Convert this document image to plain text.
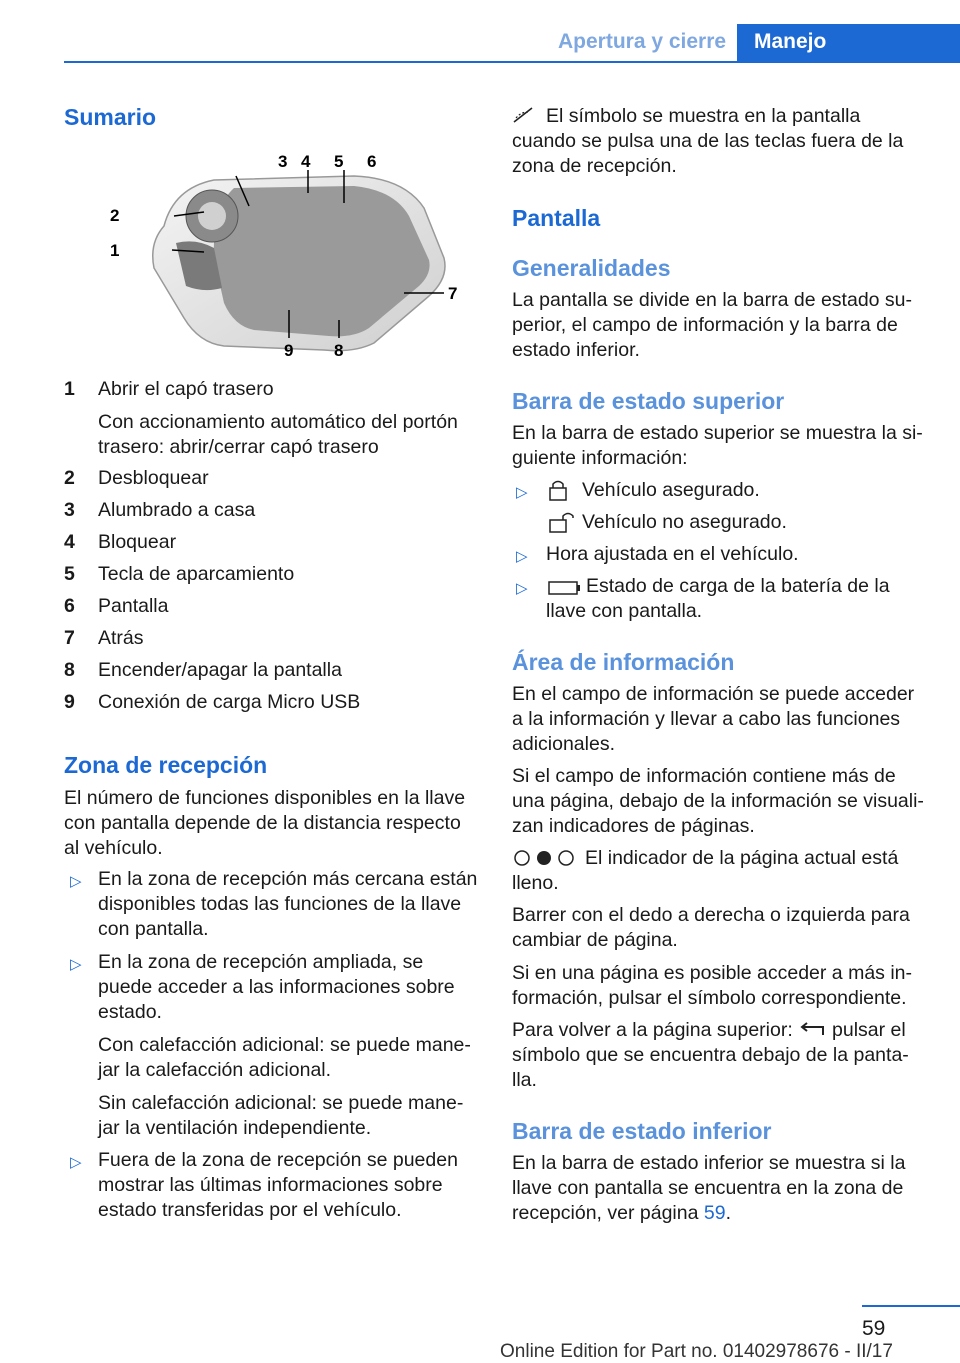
Apertura y cierre	Manejo
Sumario
3 4 5 6
2
1
7
9 8
1 Abrir el capó trasero
Con accionamiento automático del portón
trasero: abrir/cerrar capó trasero
2 Desbloquear
3 Alumbrado a casa
4 Bloquear
5 Tecla de aparcamiento
6 Pantalla
7 Atrás
8 Encender/apagar la pantalla
9 Conexión de carga Micro USB
Zona de recepción
El número de funciones disponibles en la llave
con pantalla depende de la distancia respecto
al vehículo.
▷ En la zona de recepción más cercana están
disponibles todas las funciones de la llave
con pantalla.
▷ En la zona de recepción ampliada, se
puede acceder a las informaciones sobre
estado.
Con calefacción adicional: se puede mane‐
jar la calefacción adicional.
Sin calefacción adicional: se puede mane‐
jar la ventilación independiente.
▷ Fuera de la zona de recepción se pueden
mostrar las últimas informaciones sobre
estado transferidas por el vehículo.
El símbolo se muestra en la pantalla
cuando se pulsa una de las teclas fuera de la
zona de recepción.
Pantalla
Generalidades
La pantalla se divide en la barra de estado su‐
perior, el campo de información y la barra de
estado inferior.
Barra de estado superior
En la barra de estado superior se muestra la si‐
guiente información:
▷	Vehículo asegurado.
Vehículo no asegurado.
▷ Hora ajustada en el vehículo.
▷	Estado de carga de la batería de la
llave con pantalla.
Área de información
En el campo de información se puede acceder
a la información y llevar a cabo las funciones
adicionales.
Si el campo de información contiene más de
una página, debajo de la información se visuali‐
zan indicadores de páginas.
El indicador de la página actual está
lleno.
Barrer con el dedo a derecha o izquierda para
cambiar de página.
Si en una página es posible acceder a más in‐
formación, pulsar el símbolo correspondiente.
Para volver a la página superior: pulsar el
símbolo que se encuentra debajo de la panta‐
lla.
Barra de estado inferior
En la barra de estado inferior se muestra si la
llave con pantalla se encuentra en la zona de
recepción, ver página 59.
59
Online Edition for Part no. 01402978676 - II/17
